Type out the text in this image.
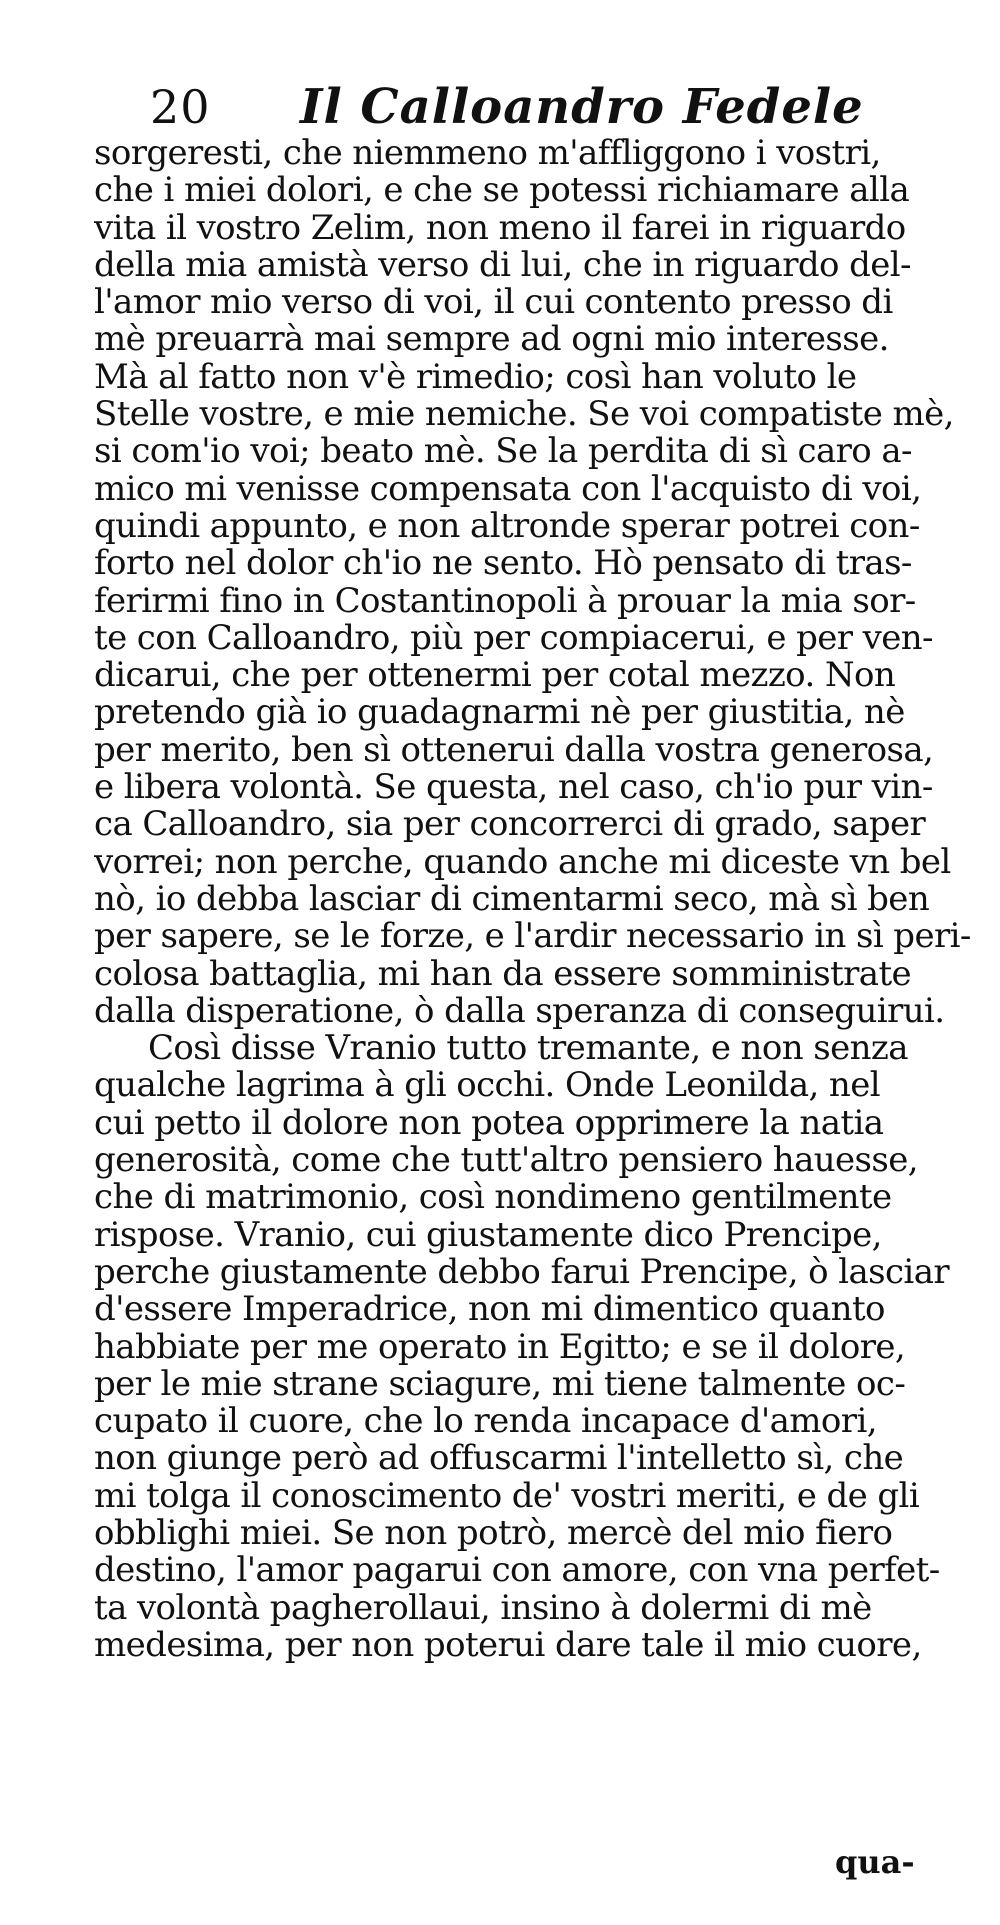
20 Il Calloandro Fedele
sorgeresti, che niemmeno m'affliggono i vostri,
che i miei dolori, e che se potessi richiamare alla
vita il vostro Zelim, non meno il farei in riguardo
della mia amistà verso di lui, che in riguardo del-
l'amor mio verso di voi, il cui contento presso di
mè preuarrà mai sempre ad ogni mio interesse.
Mà al fatto non v'è rimedio; così han voluto le
Stelle vostre, e mie nemiche. Se voi compatiste mè,
si com'io voi; beato mè. Se la perdita di sì caro a-
mico mi venisse compensata con l'acquisto di voi,
quindi appunto, e non altronde sperar potrei con-
forto nel dolor ch'io ne sento. Hò pensato di tras-
ferirmi fino in Costantinopoli à prouar la mia sor-
te con Calloandro, più per compiacerui, e per ven-
dicarui, che per ottenermi per cotal mezzo. Non
pretendo già io guadagnarmi nè per giustitia, nè
per merito, ben sì ottenerui dalla vostra generosa,
e libera volontà. Se questa, nel caso, ch'io pur vin-
ca Calloandro, sia per concorrerci di grado, saper
vorrei; non perche, quando anche mi diceste vn bel
nò, io debba lasciar di cimentarmi seco, mà sì ben
per sapere, se le forze, e l'ardir necessario in sì peri-
colosa battaglia, mi han da essere somministrate
dalla disperatione, ò dalla speranza di conseguirui.
Così disse Vranio tutto tremante, e non senza
qualche lagrima à gli occhi. Onde Leonilda, nel
cui petto il dolore non potea opprimere la natia
generosità, come che tutt'altro pensiero hauesse,
che di matrimonio, così nondimeno gentilmente
rispose. Vranio, cui giustamente dico Prencipe,
perche giustamente debbo farui Prencipe, ò lasciar
d'essere Imperadrice, non mi dimentico quanto
habbiate per me operato in Egitto; e se il dolore,
per le mie strane sciagure, mi tiene talmente oc-
cupato il cuore, che lo renda incapace d'amori,
non giunge però ad offuscarmi l'intelletto sì, che
mi tolga il conoscimento de' vostri meriti, e de gli
obblighi miei. Se non potrò, mercè del mio fiero
destino, l'amor pagarui con amore, con vna perfet-
ta volontà pagherollaui, insino à dolermi di mè
medesima, per non poterui dare tale il mio cuore,
qua-
